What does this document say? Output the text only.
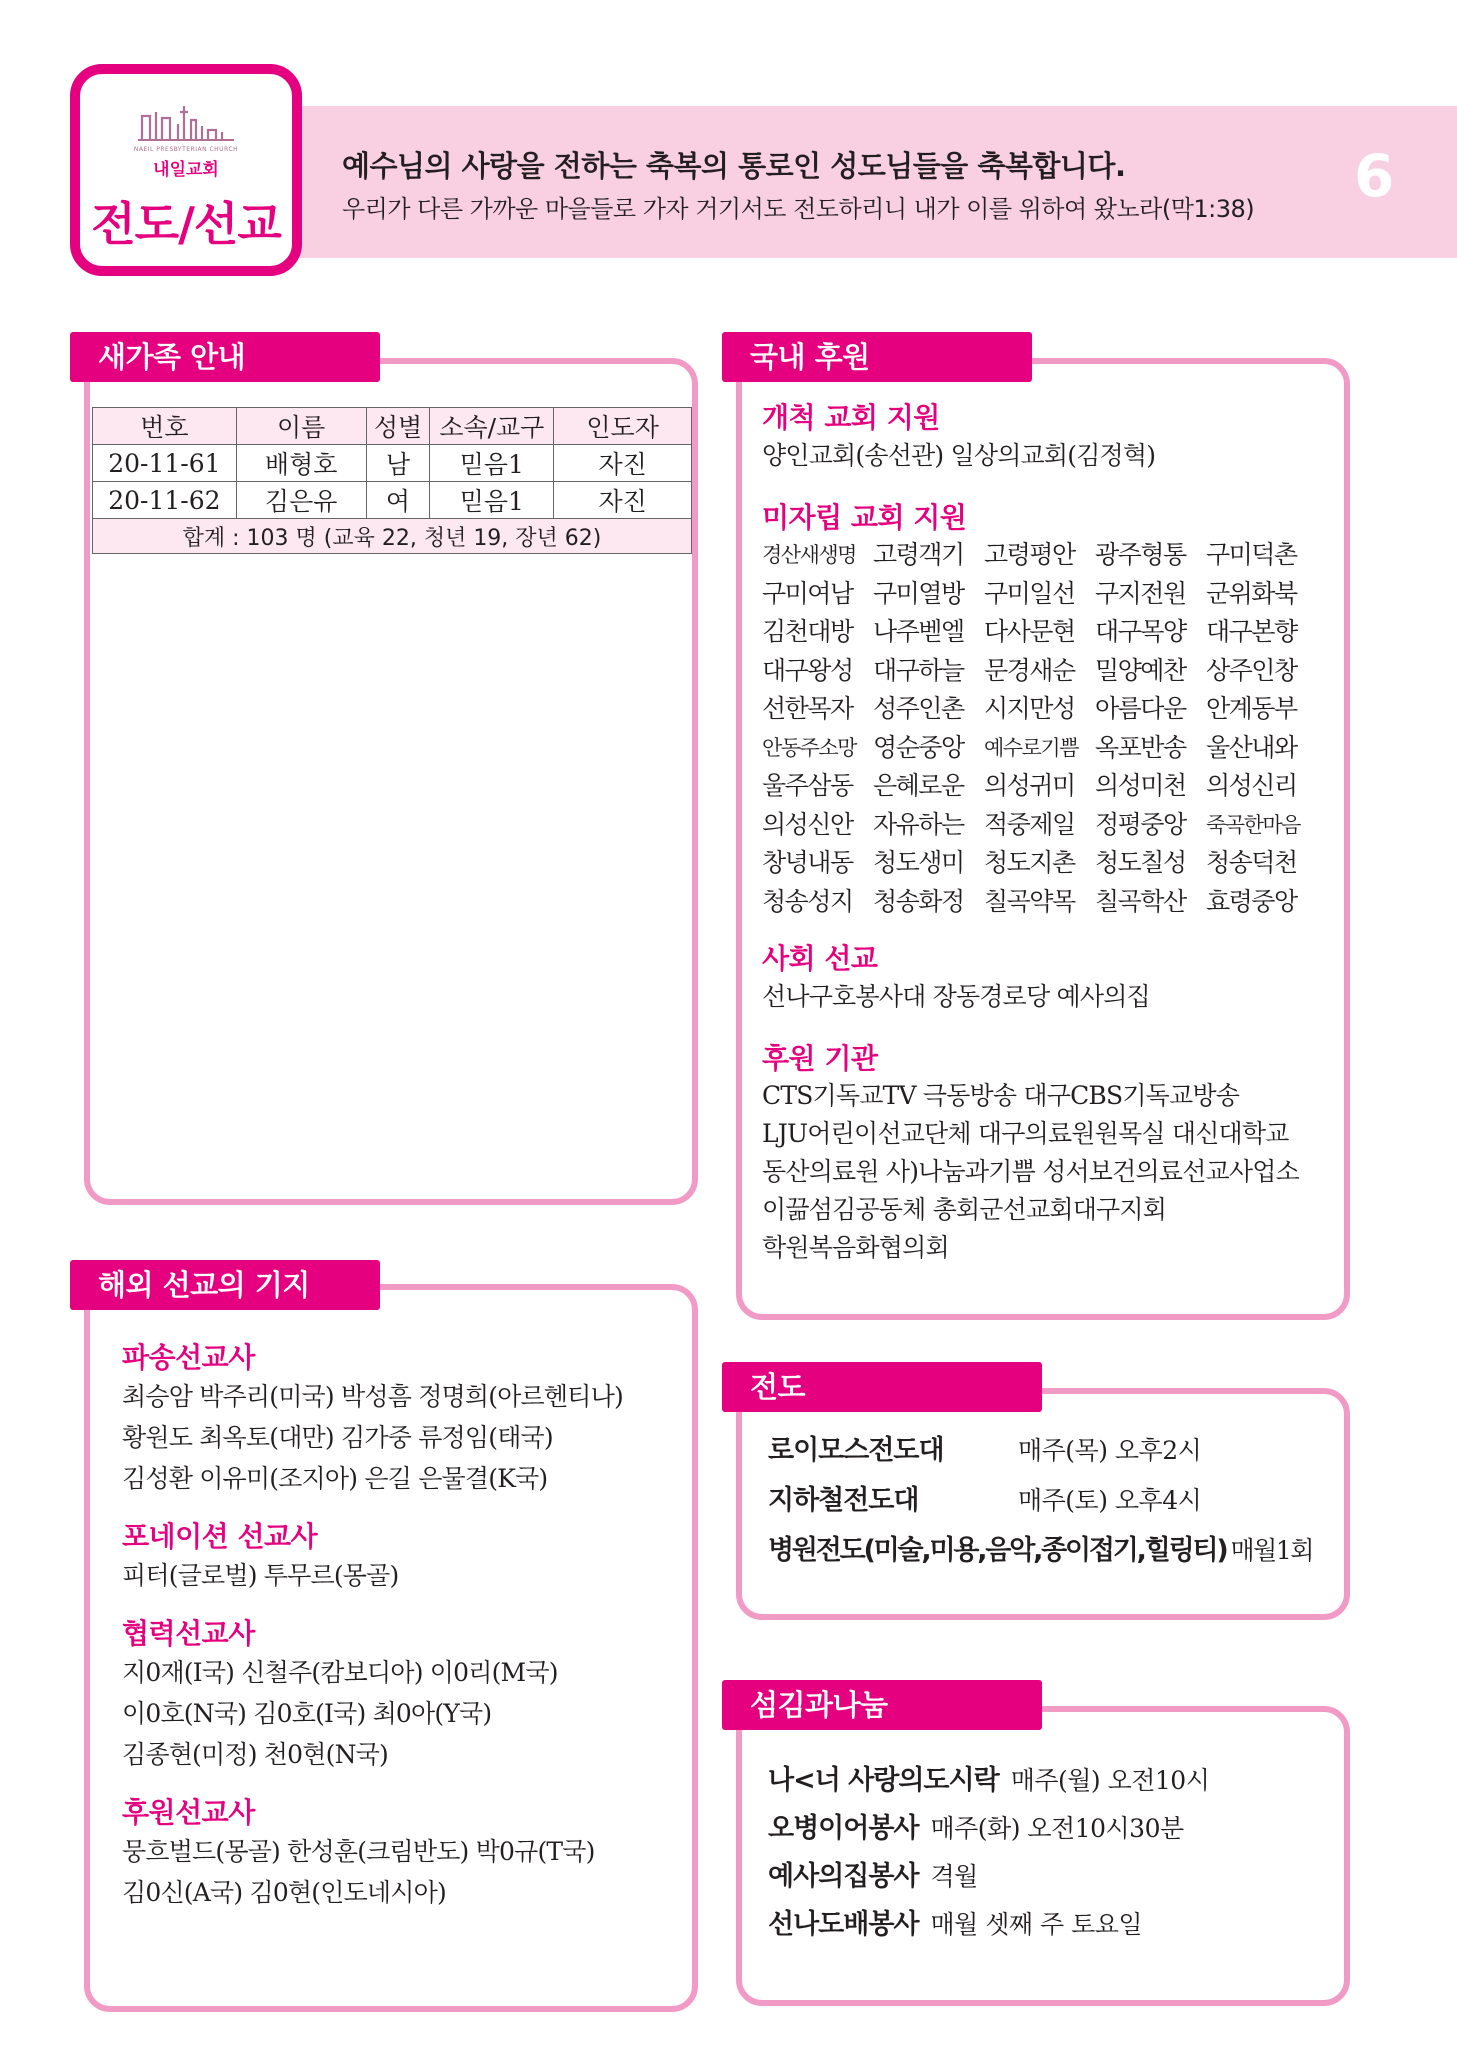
NAEIL PRESBYTERIAN CHURCH
내일교회
전도/선교
예수님의 사랑을 전하는 축복의 통로인 성도님들을 축복합니다.
우리가 다른 가까운 마을들로 가자 거기서도 전도하리니 내가 이를 위하여 왔노라(막1:38) 6
새가족 안내
번호	이름	성별	소속/교구	인도자
20-11-61	배형호	남	믿음1	자진
20-11-62	김은유	여	믿음1	자진
합계 : 103 명 (교육 22, 청년 19, 장년 62)				
해외 선교의 기지
파송선교사
최승암 박주리(미국) 박성흠 정명희(아르헨티나)
황원도 최옥토(대만) 김가중 류정임(태국)
김성환 이유미(조지아) 은길 은물결(K국)
포네이션 선교사
피터(글로벌) 투무르(몽골)
협력선교사
지0재(I국) 신철주(캄보디아) 이0리(M국)
이0호(N국) 김0호(I국) 최0아(Y국)
김종현(미정) 천0현(N국)
후원선교사
뭉흐벌드(몽골) 한성훈(크림반도) 박0규(T국)
김0신(A국) 김0현(인도네시아)
국내 후원
개척 교회 지원
양인교회(송선관) 일상의교회(김정혁)
미자립 교회 지원
경산새생명 고령객기 고령평안 광주형통 구미덕촌
구미여남 구미열방 구미일선 구지전원 군위화북
김천대방 나주벧엘 다사문현 대구목양 대구본향
대구왕성 대구하늘 문경새순 밀양예찬 상주인창
선한목자 성주인촌 시지만성 아름다운 안계동부
안동주소망 영순중앙 예수로기쁨 옥포반송 울산내와
울주삼동 은혜로운 의성귀미 의성미천 의성신리
의성신안 자유하는 적중제일 정평중앙 죽곡한마음
창녕내동 청도생미 청도지촌 청도칠성 청송덕천
청송성지 청송화정 칠곡약목 칠곡학산 효령중앙
사회 선교
선나구호봉사대 장동경로당 예사의집
후원 기관
CTS기독교TV 극동방송 대구CBS기독교방송
LJU어린이선교단체 대구의료원원목실 대신대학교
동산의료원 사)나눔과기쁨 성서보건의료선교사업소
이끎섬김공동체 총회군선교회대구지회
학원복음화협의회
전도
로이모스전도대	매주(목) 오후2시
지하철전도대	매주(토) 오후4시
병원전도(미술,미용,음악,종이접기,힐링티) 매월1회
섬김과나눔
나<너 사랑의도시락 매주(월) 오전10시
오병이어봉사 매주(화) 오전10시30분
예사의집봉사 격월
선나도배봉사 매월 셋째 주 토요일
